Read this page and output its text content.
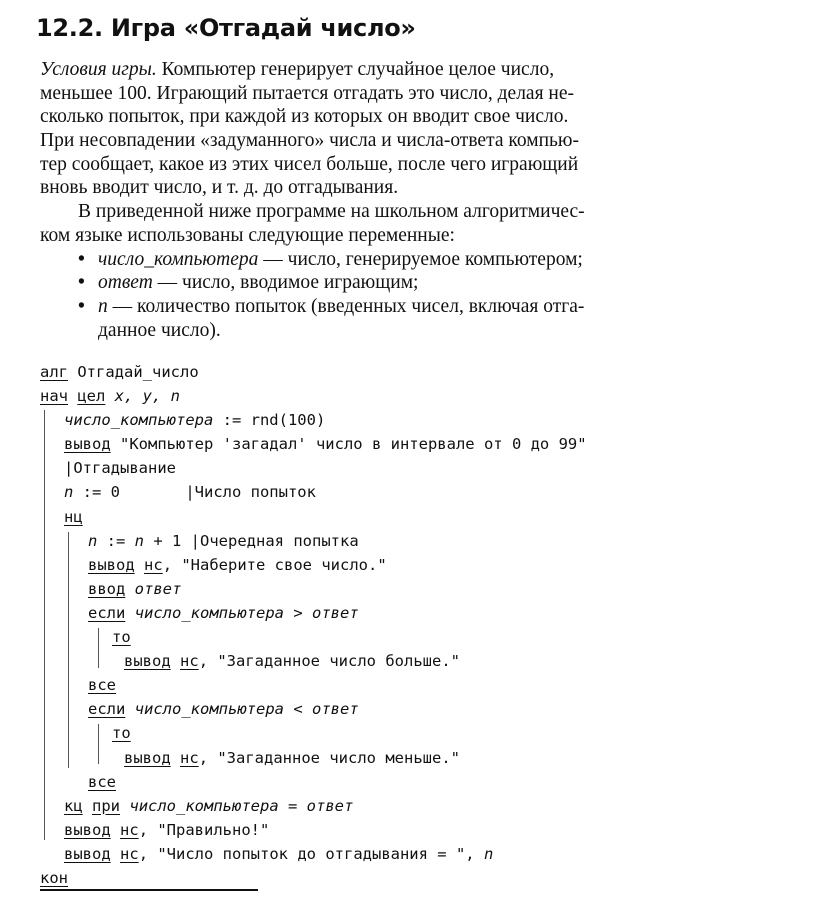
12.2. Игра «Отгадай число»
Условия игры. Компьютер генерирует случайное целое число,
меньшее 100. Играющий пытается отгадать это число, делая не-
сколько попыток, при каждой из которых он вводит свое число.
При несовпадении «задуманного» числа и числа-ответа компью-
тер сообщает, какое из этих чисел больше, после чего играющий
вновь вводит число, и т. д. до отгадывания.
В приведенной ниже программе на школьном алгоритмичес-
ком языке использованы следующие переменные:
• число_компьютера — число, генерируемое компьютером;
• ответ — число, вводимое играющим;
• n — количество попыток (введенных чисел, включая отга-
данное число).
алг Отгадай_число
нач цел x, y, n
число_компьютера := rnd(100)
вывод "Компьютер 'загадал' число в интервале от 0 до 99"
|Отгадывание
n := 0       |Число попыток
нц
n := n + 1 |Очередная попытка
вывод нс, "Наберите свое число."
ввод ответ
если число_компьютера > ответ
то
вывод нс, "Загаданное число больше."
все
если число_компьютера < ответ
то
вывод нс, "Загаданное число меньше."
все
кц при число_компьютера = ответ
вывод нс, "Правильно!"
вывод нс, "Число попыток до отгадывания = ", n
кон
